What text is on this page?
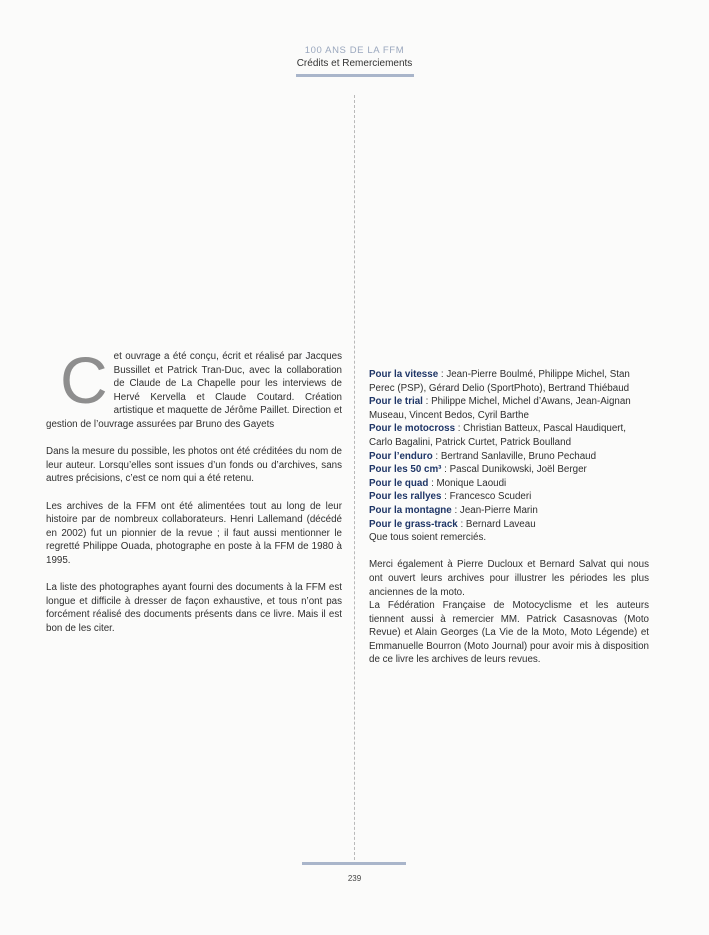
100 ANS DE LA FFM
Crédits et Remerciements

Cet ouvrage a été conçu, écrit et réalisé par Jacques Bussillet et Patrick Tran-Duc, avec la collaboration de Claude de La Chapelle pour les interviews de Hervé Kervella et Claude Coutard. Création artistique et maquette de Jérôme Paillet. Direction et gestion de l’ouvrage assurées par Bruno des Gayets

Dans la mesure du possible, les photos ont été créditées du nom de leur auteur. Lorsqu’elles sont issues d’un fonds ou d’archives, sans autres précisions, c’est ce nom qui a été retenu.

Les archives de la FFM ont été alimentées tout au long de leur histoire par de nombreux collaborateurs. Henri Lallemand (décédé en 2002) fut un pionnier de la revue ; il faut aussi mentionner le regretté Philippe Ouada, photographe en poste à la FFM de 1980 à 1995.

La liste des photographes ayant fourni des documents à la FFM est longue et difficile à dresser de façon exhaustive, et tous n’ont pas forcément réalisé des documents présents dans ce livre. Mais il est bon de les citer.

Pour la vitesse : Jean-Pierre Boulmé, Philippe Michel, Stan Perec (PSP), Gérard Delio (SportPhoto), Bertrand Thiébaud
Pour le trial : Philippe Michel, Michel d’Awans, Jean-Aignan Museau, Vincent Bedos, Cyril Barthe
Pour le motocross : Christian Batteux, Pascal Haudiquert, Carlo Bagalini, Patrick Curtet, Patrick Boulland
Pour l’enduro : Bertrand Sanlaville, Bruno Pechaud
Pour les 50 cm³ : Pascal Dunikowski, Joël Berger
Pour le quad : Monique Laoudi
Pour les rallyes : Francesco Scuderi
Pour la montagne : Jean-Pierre Marin
Pour le grass-track : Bernard Laveau
Que tous soient remerciés.

Merci également à Pierre Ducloux et Bernard Salvat qui nous ont ouvert leurs archives pour illustrer les périodes les plus anciennes de la moto.

La Fédération Française de Motocyclisme et les auteurs tiennent aussi à remercier MM. Patrick Casasnovas (Moto Revue) et Alain Georges (La Vie de la Moto, Moto Légende) et Emmanuelle Bourron (Moto Journal) pour avoir mis à disposition de ce livre les archives de leurs revues.

239
